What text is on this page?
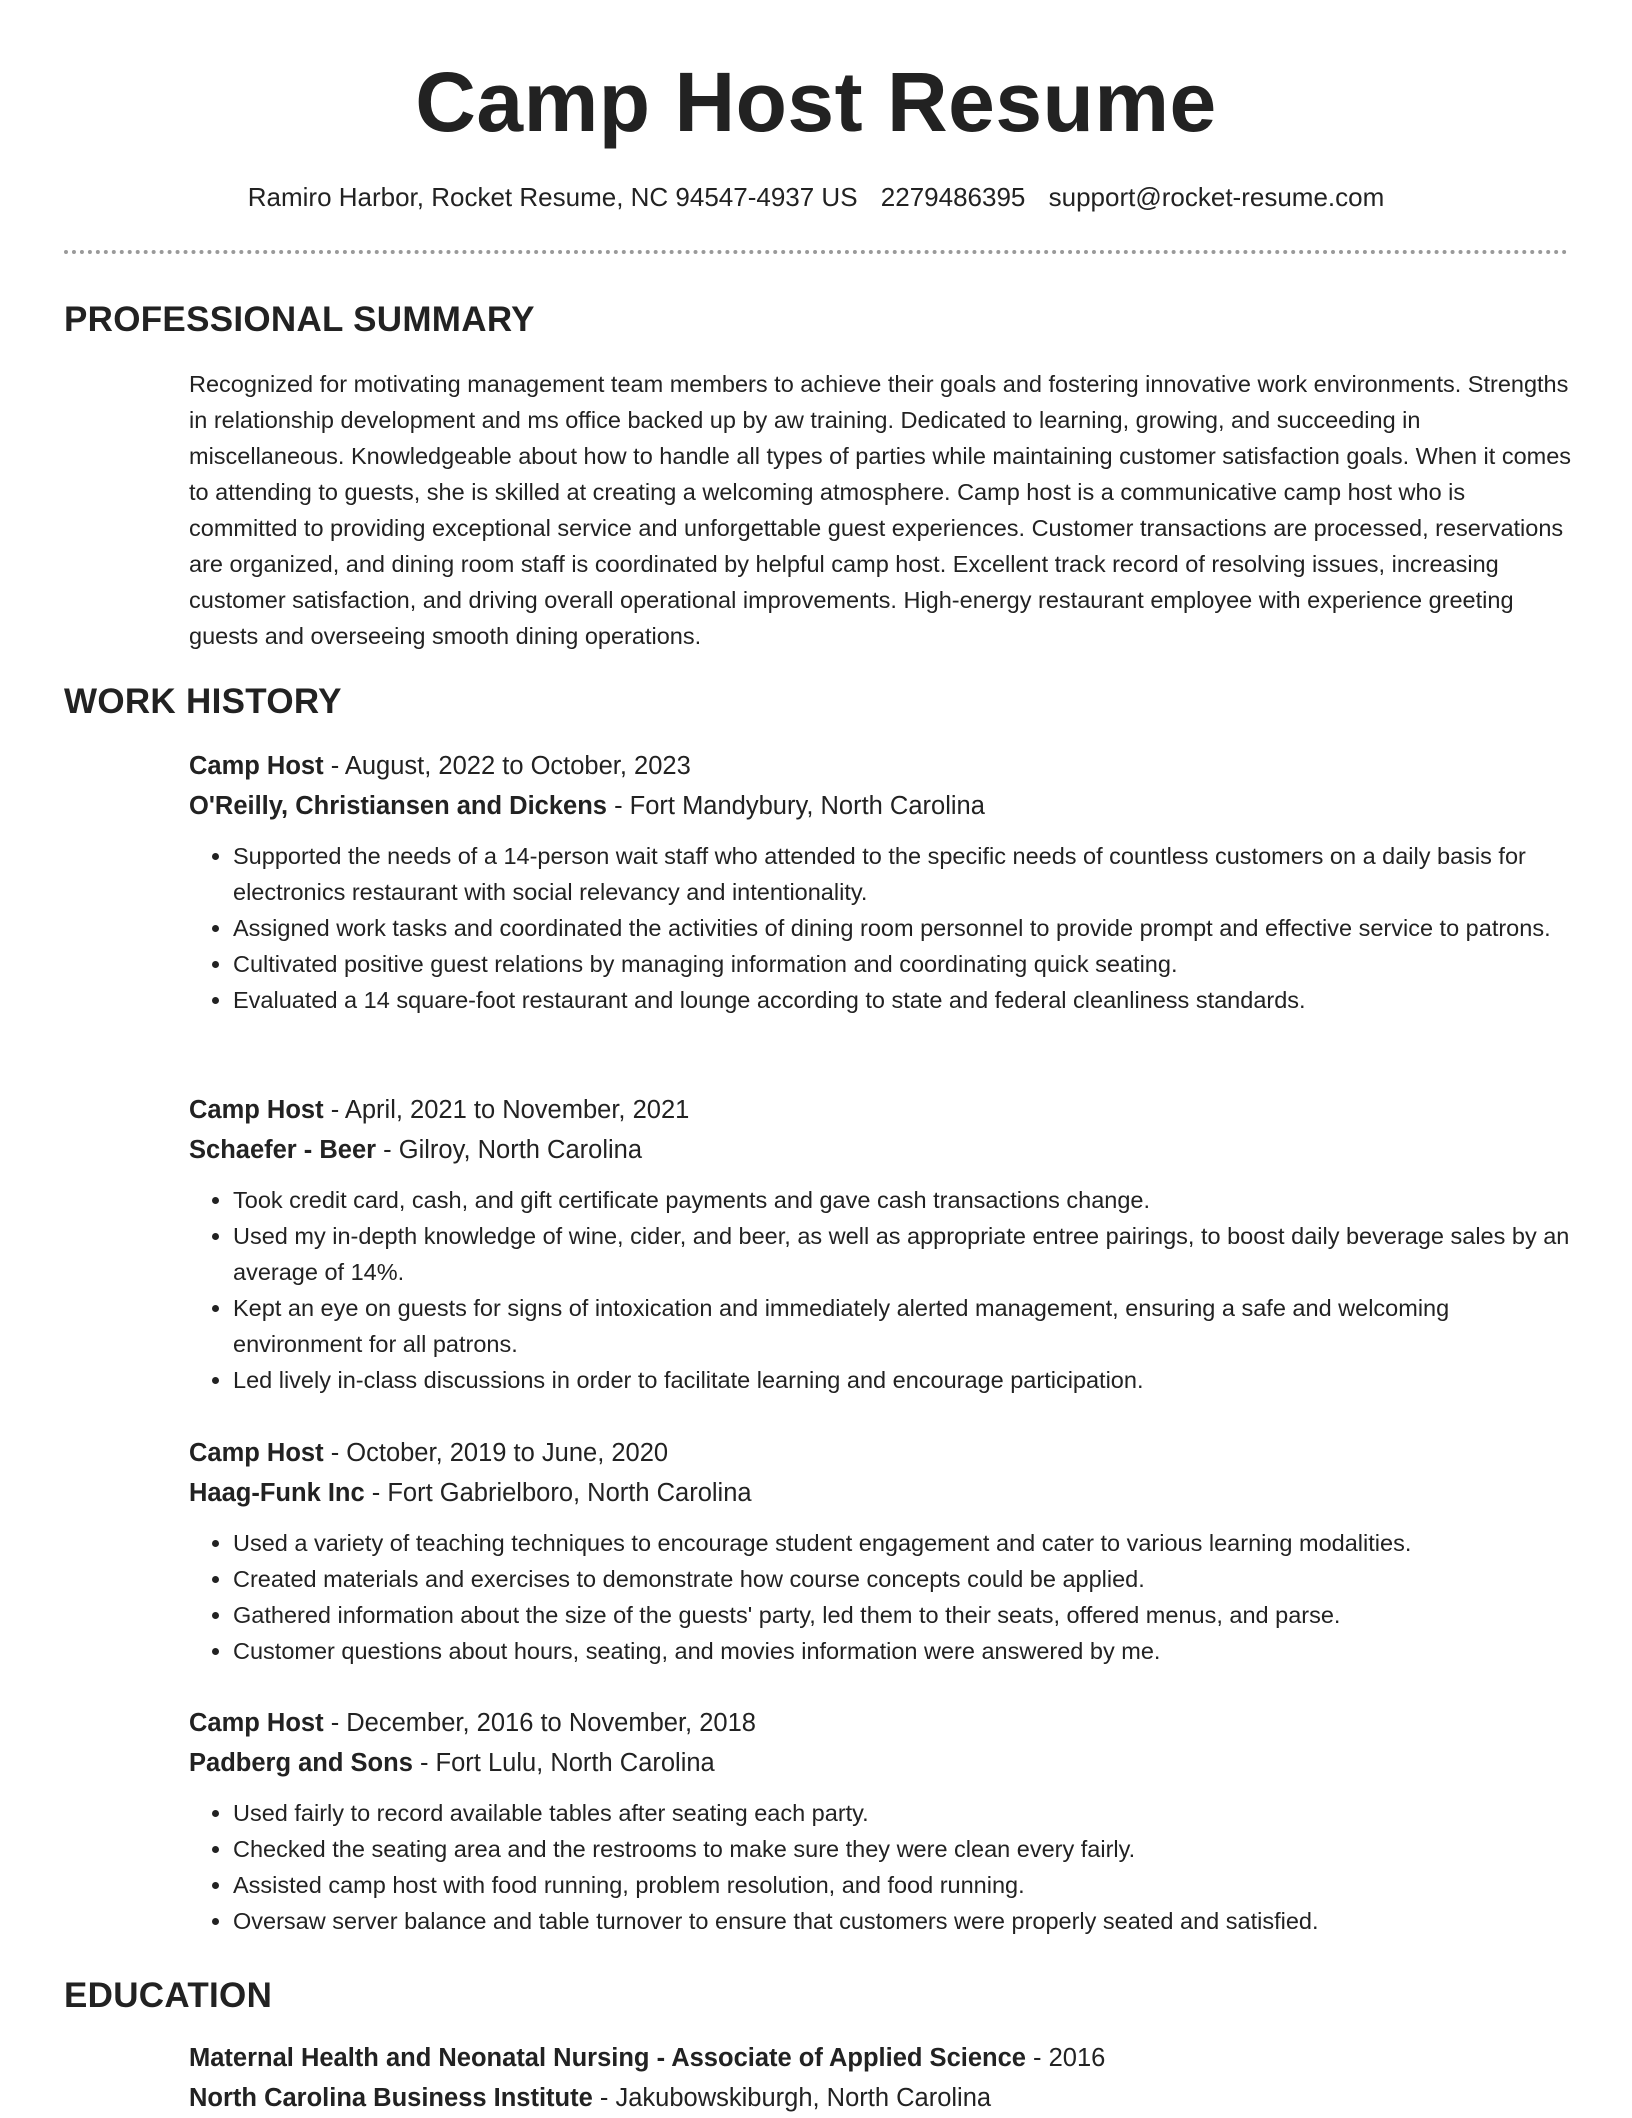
Camp Host Resume
Ramiro Harbor, Rocket Resume, NC 94547-4937 US 2279486395 support@rocket-resume.com
PROFESSIONAL SUMMARY

Recognized for motivating management team members to achieve their goals and fostering innovative work environments. Strengths in relationship development and ms office backed up by aw training. Dedicated to learning, growing, and succeeding in miscellaneous. Knowledgeable about how to handle all types of parties while maintaining customer satisfaction goals. When it comes to attending to guests, she is skilled at creating a welcoming atmosphere. Camp host is a communicative camp host who is committed to providing exceptional service and unforgettable guest experiences. Customer transactions are processed, reservations are organized, and dining room staff is coordinated by helpful camp host. Excellent track record of resolving issues, increasing customer satisfaction, and driving overall operational improvements. High-energy restaurant employee with experience greeting guests and overseeing smooth dining operations.

WORK HISTORY

Camp Host - August, 2022 to October, 2023

O'Reilly, Christiansen and Dickens - Fort Mandybury, North Carolina

• Supported the needs of a 14-person wait staff who attended to the specific needs of countless customers on a daily basis for electronics restaurant with social relevancy and intentionality.
• Assigned work tasks and coordinated the activities of dining room personnel to provide prompt and effective service to patrons.
• Cultivated positive guest relations by managing information and coordinating quick seating.
• Evaluated a 14 square-foot restaurant and lounge according to state and federal cleanliness standards.

Camp Host - April, 2021 to November, 2021

Schaefer - Beer - Gilroy, North Carolina

• Took credit card, cash, and gift certificate payments and gave cash transactions change.
• Used my in-depth knowledge of wine, cider, and beer, as well as appropriate entree pairings, to boost daily beverage sales by an average of 14%.
• Kept an eye on guests for signs of intoxication and immediately alerted management, ensuring a safe and welcoming environment for all patrons.
• Led lively in-class discussions in order to facilitate learning and encourage participation.

Camp Host - October, 2019 to June, 2020

Haag-Funk Inc - Fort Gabrielboro, North Carolina

• Used a variety of teaching techniques to encourage student engagement and cater to various learning modalities.
• Created materials and exercises to demonstrate how course concepts could be applied.
• Gathered information about the size of the guests' party, led them to their seats, offered menus, and parse.
• Customer questions about hours, seating, and movies information were answered by me.

Camp Host - December, 2016 to November, 2018

Padberg and Sons - Fort Lulu, North Carolina

• Used fairly to record available tables after seating each party.
• Checked the seating area and the restrooms to make sure they were clean every fairly.
• Assisted camp host with food running, problem resolution, and food running.
• Oversaw server balance and table turnover to ensure that customers were properly seated and satisfied.
EDUCATION

Maternal Health and Neonatal Nursing - Associate of Applied Science - 2016

North Carolina Business Institute - Jakubowskiburgh, North Carolina
